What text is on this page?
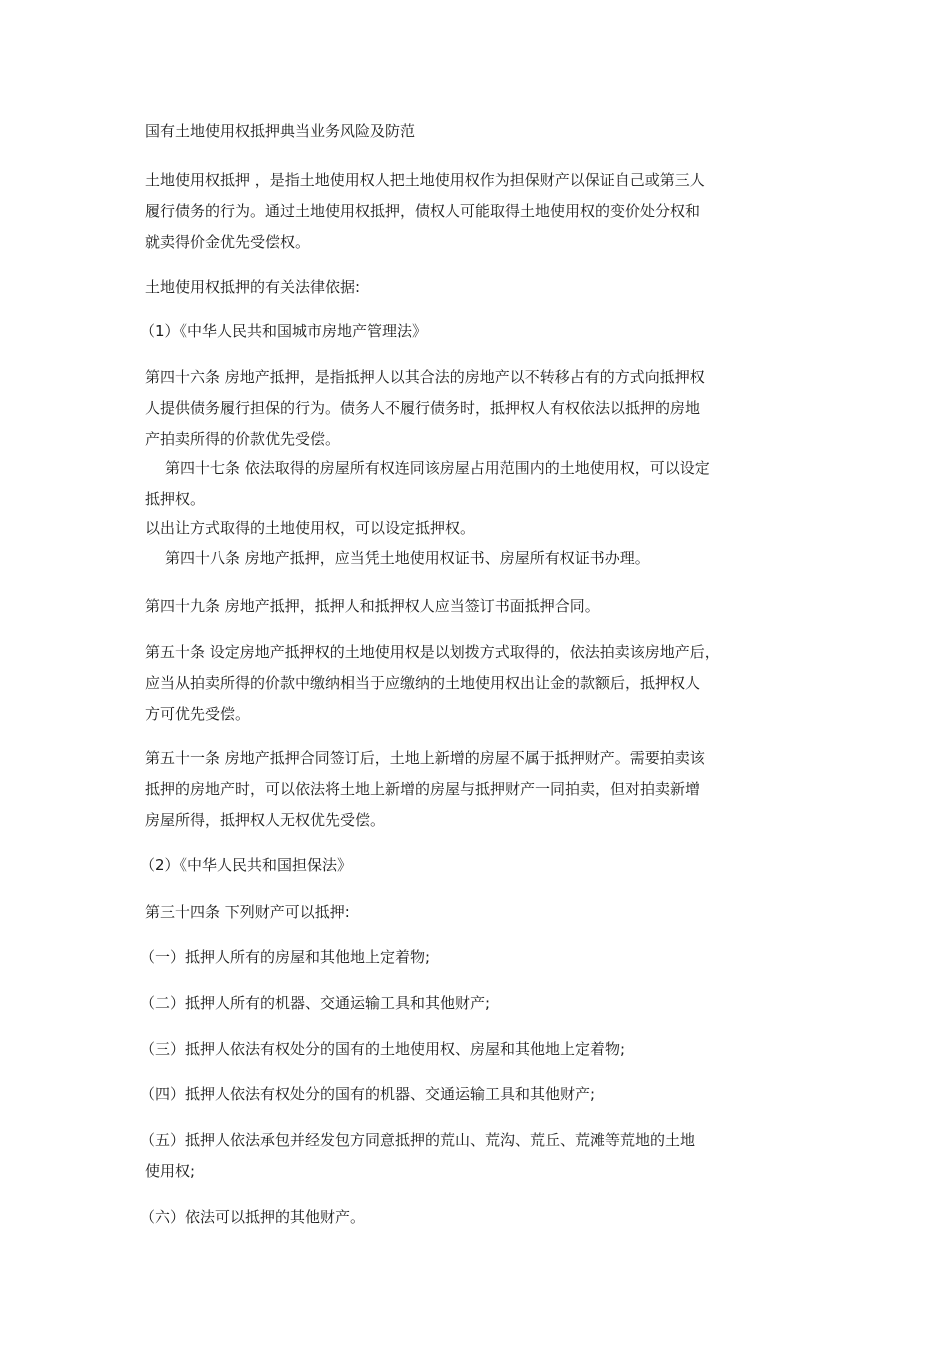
国有土地使用权抵押典当业务风险及防范

土地使用权抵押 ，是指土地使用权人把土地使用权作为担保财产以保证自己或第三人
履行债务的行为。通过土地使用权抵押，债权人可能取得土地使用权的变价处分权和
就卖得价金优先受偿权。

土地使用权抵押的有关法律依据:

（1）《中华人民共和国城市房地产管理法》

第四十六条 房地产抵押，是指抵押人以其合法的房地产以不转移占有的方式向抵押权
人提供债务履行担保的行为。债务人不履行债务时，抵押权人有权依法以抵押的房地
产拍卖所得的价款优先受偿。
第四十七条 依法取得的房屋所有权连同该房屋占用范围内的土地使用权，可以设定
抵押权。
以出让方式取得的土地使用权，可以设定抵押权。

第四十八条 房地产抵押，应当凭土地使用权证书、房屋所有权证书办理。

第四十九条 房地产抵押，抵押人和抵押权人应当签订书面抵押合同。

第五十条 设定房地产抵押权的土地使用权是以划拨方式取得的，依法拍卖该房地产后，
应当从拍卖所得的价款中缴纳相当于应缴纳的土地使用权出让金的款额后，抵押权人
方可优先受偿。
第五十一条 房地产抵押合同签订后，土地上新增的房屋不属于抵押财产。需要拍卖该
抵押的房地产时，可以依法将土地上新增的房屋与抵押财产一同拍卖，但对拍卖新增
房屋所得，抵押权人无权优先受偿。

（2）《中华人民共和国担保法》

第三十四条 下列财产可以抵押:

（一）抵押人所有的房屋和其他地上定着物;

（二）抵押人所有的机器、交通运输工具和其他财产;

（三）抵押人依法有权处分的国有的土地使用权、房屋和其他地上定着物;

（四）抵押人依法有权处分的国有的机器、交通运输工具和其他财产;

（五）抵押人依法承包并经发包方同意抵押的荒山、荒沟、荒丘、荒滩等荒地的土地
使用权;

（六）依法可以抵押的其他财产。
